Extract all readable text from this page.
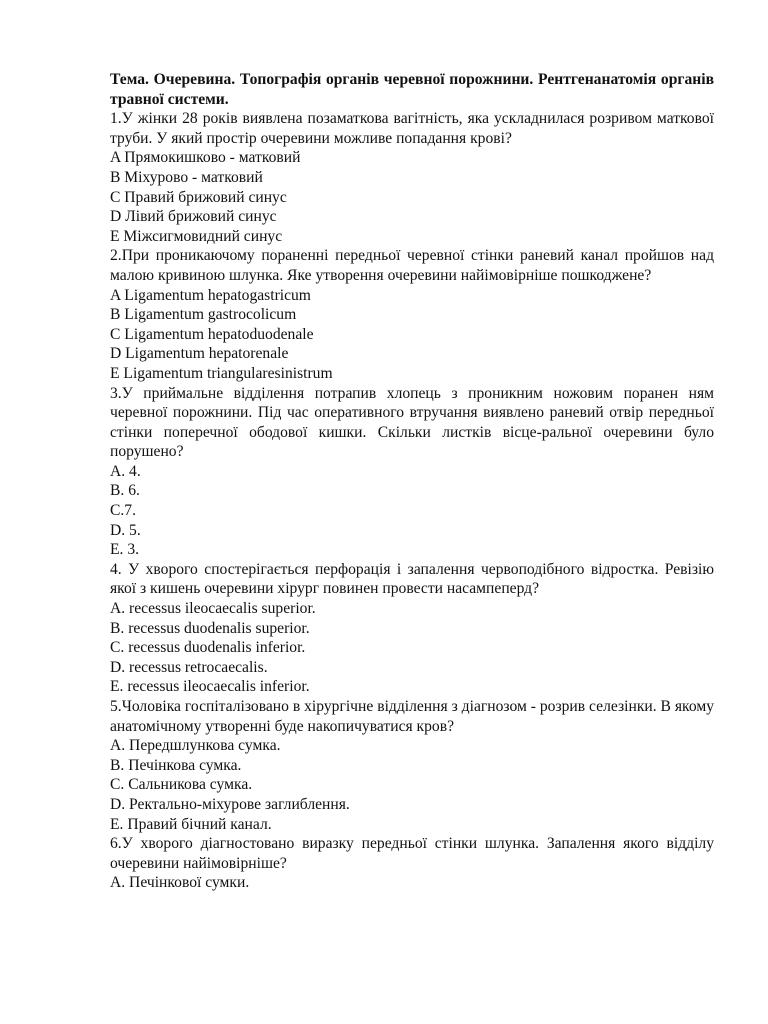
Тема. Очеревина. Топографія органів черевної порожнини. Рентгенанатомія органів травної системи.
1.У жінки 28 років виявлена позаматкова вагітність, яка ускладнилася розривом маткової труби. У який простір очеревини можливе попадання крові?
A Прямокишково - матковий
B Міхурово - матковий
C Правий брижовий синус
D Лівий брижовий синус
E Міжсигмовидний синус
2.При проникаючому пораненні передньої черевної стінки раневий канал пройшов над малою кривиною шлунка. Яке утворення очеревини найімовірніше пошкоджене?
A Ligamentum hepatogastricum
B Ligamentum gastrocolicum
C Ligamentum hepatoduodenale
D Ligamentum hepatorenale
E Ligamentum triangularesinistrum
3.У приймальне відділення потрапив хлопець з проникним ножовим поранен ням черевної порожнини. Під час оперативного втручання виявлено раневий отвір передньої стінки поперечної ободової кишки. Скільки листків вісце-ральної очеревини було порушено?
A. 4.
B. 6.
C.7.
D. 5.
E. 3.
4. У хворого спостерігається перфорація і запалення червоподібного відростка. Ревізію якої з кишень очеревини хірург повинен провести насампеперд?
A. recessus ileocaecalis superior.
B. recessus duodenalis superior.
C. recessus duodenalis inferior.
D. recessus retrocaecalis.
E. recessus ileocaecalis inferior.
5.Чоловіка госпіталізовано в хірургічне відділення з діагнозом - розрив селезінки. В якому анатомічному утворенні буде накопичуватися кров?
A. Передшлункова сумка.
B. Печінкова сумка.
C. Сальникова сумка.
D. Ректально-міхурове заглиблення.
E. Правий бічний канал.
6.У хворого діагностовано виразку передньої стінки шлунка. Запалення якого відділу очеревини найімовірніше?
A. Печінкової сумки.
